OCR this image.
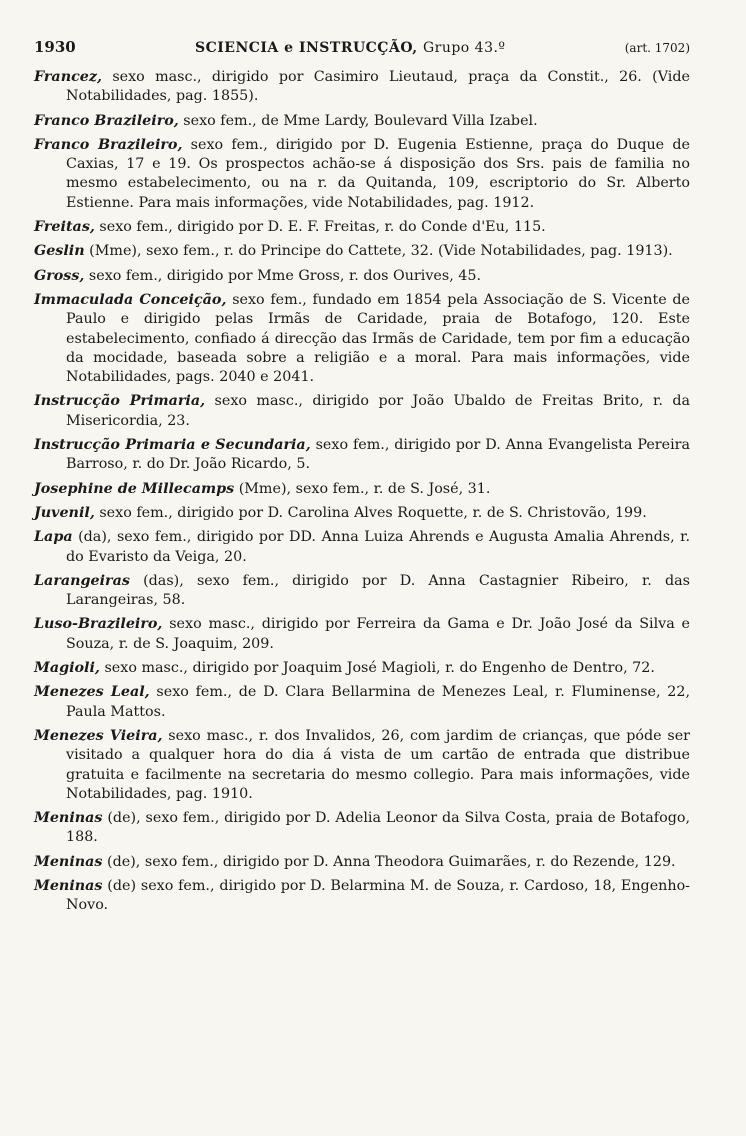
1930	SCIENCIA e INSTRUCÇÃO, Grupo 43.º	(art. 1702)

Francez, sexo masc., dirigido por Casimiro Lieutaud, praça da Constit., 26. (Vide Notabilidades, pag. 1855).

Franco Brazileiro, sexo fem., de Mme Lardy, Boulevard Villa Izabel.

Franco Brazileiro, sexo fem., dirigido por D. Eugenia Estienne, praça do Duque de Caxias, 17 e 19. Os prospectos achão-se á disposição dos Srs. pais de familia no mesmo estabelecimento, ou na r. da Quitanda, 109, escriptorio do Sr. Alberto Estienne. Para mais informações, vide Notabilidades, pag. 1912.

Freitas, sexo fem., dirigido por D. E. F. Freitas, r. do Conde d'Eu, 115.

Geslin (Mme), sexo fem., r. do Principe do Cattete, 32. (Vide Notabilidades, pag. 1913).

Gross, sexo fem., dirigido por Mme Gross, r. dos Ourives, 45.

Immaculada Conceição, sexo fem., fundado em 1854 pela Associação de S. Vicente de Paulo e dirigido pelas Irmãs de Caridade, praia de Botafogo, 120. Este estabelecimento, confiado á direcção das Irmãs de Caridade, tem por fim a educação da mocidade, baseada sobre a religião e a moral. Para mais informações, vide Notabilidades, pags. 2040 e 2041.

Instrucção Primaria, sexo masc., dirigido por João Ubaldo de Freitas Brito, r. da Misericordia, 23.

Instrucção Primaria e Secundaria, sexo fem., dirigido por D. Anna Evangelista Pereira Barroso, r. do Dr. João Ricardo, 5.

Josephine de Millecamps (Mme), sexo fem., r. de S. José, 31.

Juvenil, sexo fem., dirigido por D. Carolina Alves Roquette, r. de S. Christovão, 199.

Lapa (da), sexo fem., dirigido por DD. Anna Luiza Ahrends e Augusta Amalia Ahrends, r. do Evaristo da Veiga, 20.

Larangeiras (das), sexo fem., dirigido por D. Anna Castagnier Ribeiro, r. das Larangeiras, 58.

Luso-Brazileiro, sexo masc., dirigido por Ferreira da Gama e Dr. João José da Silva e Souza, r. de S. Joaquim, 209.

Magioli, sexo masc., dirigido por Joaquim José Magioli, r. do Engenho de Dentro, 72.

Menezes Leal, sexo fem., de D. Clara Bellarmina de Menezes Leal, r. Fluminense, 22, Paula Mattos.

Menezes Vieira, sexo masc., r. dos Invalidos, 26, com jardim de crianças, que póde ser visitado a qualquer hora do dia á vista de um cartão de entrada que distribue gratuita e facilmente na secretaria do mesmo collegio. Para mais informações, vide Notabilidades, pag. 1910.

Meninas (de), sexo fem., dirigido por D. Adelia Leonor da Silva Costa, praia de Botafogo, 188.

Meninas (de), sexo fem., dirigido por D. Anna Theodora Guimarães, r. do Rezende, 129.

Meninas (de) sexo fem., dirigido por D. Belarmina M. de Souza, r. Cardoso, 18, Engenho-Novo.
